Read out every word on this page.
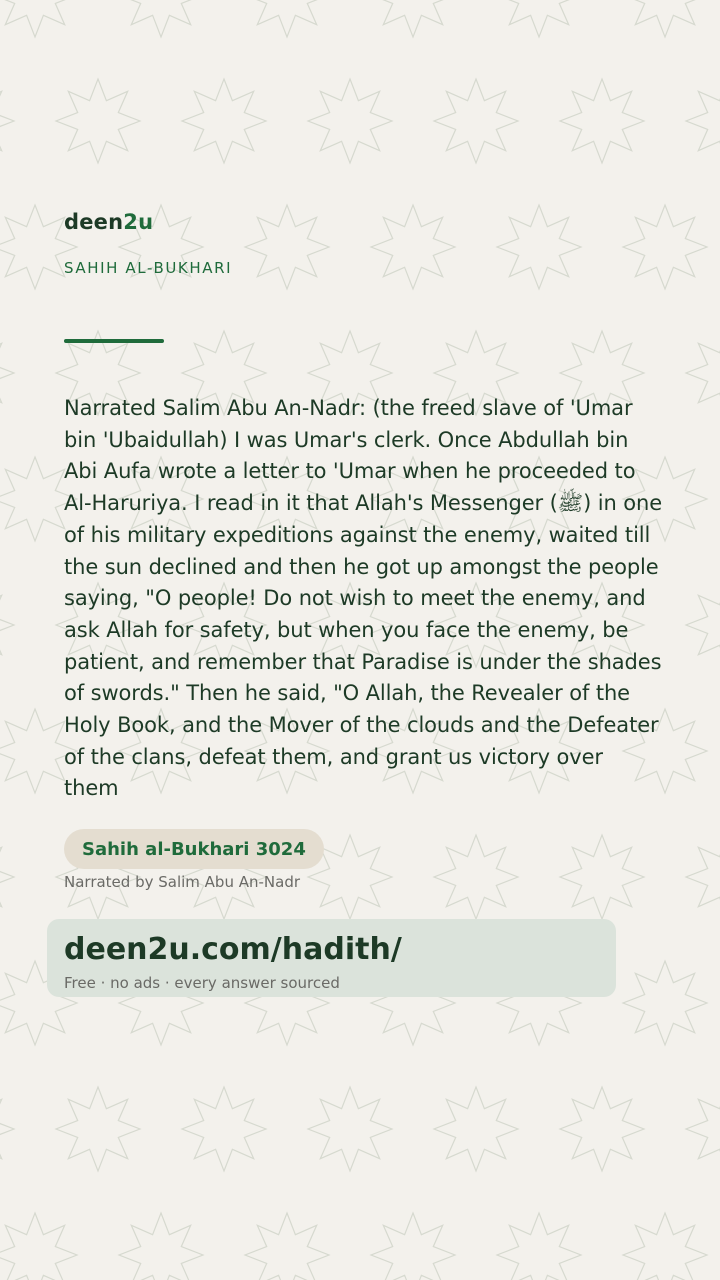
deen2u
SAHIH AL-BUKHARI
Narrated Salim Abu An-Nadr: (the freed slave of 'Umar bin 'Ubaidullah) I was Umar's clerk. Once Abdullah bin Abi Aufa wrote a letter to 'Umar when he proceeded to Al-Haruriya. I read in it that Allah's Messenger (ﷺ) in one of his military expeditions against the enemy, waited till the sun declined and then he got up amongst the people saying, "O people! Do not wish to meet the enemy, and ask Allah for safety, but when you face the enemy, be patient, and remember that Paradise is under the shades of swords." Then he said, "O Allah, the Revealer of the Holy Book, and the Mover of the clouds and the Defeater of the clans, defeat them, and grant us victory over them
Sahih al-Bukhari 3024
Narrated by Salim Abu An-Nadr
deen2u.com/hadith/
Free · no ads · every answer sourced
